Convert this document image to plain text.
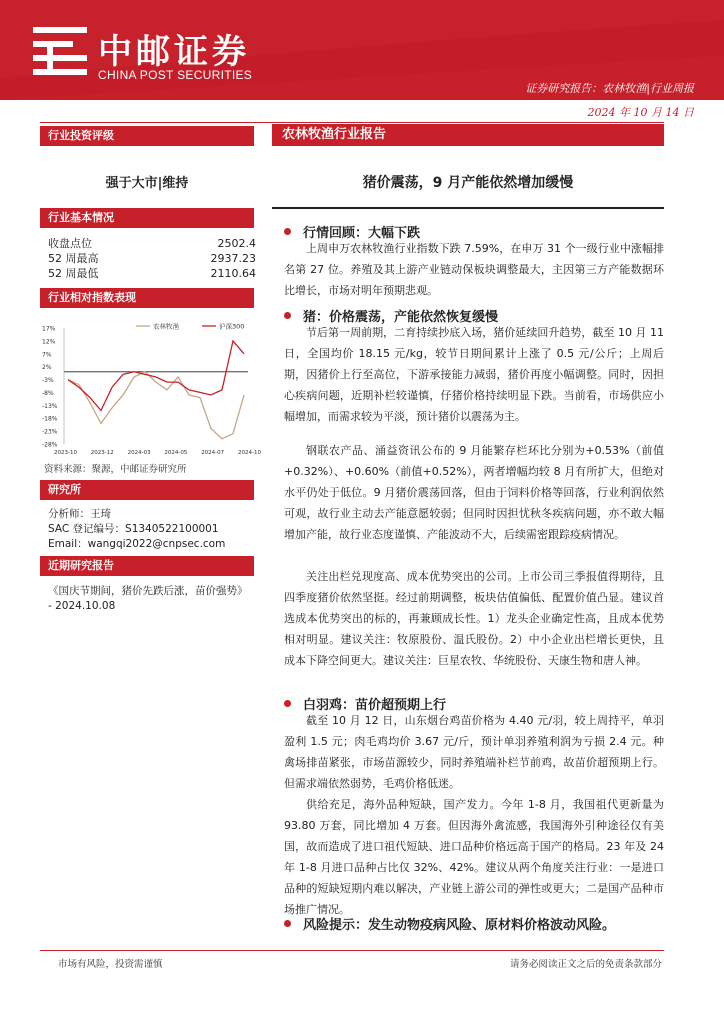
中邮证券
CHINA POST SECURITIES
证券研究报告：农林牧渔|行业周报
2024 年 10 月 14 日
行业投资评级
强于大市|维持
行业基本情况
收盘点位	2502.4
52 周最高	2937.23
52 周最低	2110.64
行业相对指数表现
17%
12%
7%
2%
-3%
-8%
-13%
-18%
-23%
-28%
2023-10	2023-12	2024-03	2024-05	2024-07	2024-10
农林牧渔	沪深300
资料来源：聚源，中邮证券研究所
研究所
分析师：王琦
SAC 登记编号：S1340522100001
Email：wangqi2022@cnpsec.com
近期研究报告
《国庆节期间，猪价先跌后涨，苗价强势》 - 2024.10.08
农林牧渔行业报告
猪价震荡，9 月产能依然增加缓慢
行情回顾：大幅下跌
上周申万农林牧渔行业指数下跌 7.59%，在申万 31 个一级行业中涨幅排名第 27 位。养殖及其上游产业链动保板块调整最大，主因第三方产能数据环比增长，市场对明年预期悲观。
猪：价格震荡，产能依然恢复缓慢
节后第一周前期，二育持续抄底入场，猪价延续回升趋势，截至 10 月 11 日，全国均价 18.15 元/kg，较节日期间累计上涨了 0.5 元/公斤；上周后期，因猪价上行至高位，下游承接能力减弱，猪价再度小幅调整。同时，因担心疾病问题，近期补栏较谨慎，仔猪价格持续明显下跌。当前看，市场供应小幅增加，而需求较为平淡，预计猪价以震荡为主。
钢联农产品、涌益资讯公布的 9 月能繁存栏环比分别为+0.53%（前值+0.32%）、+0.60%（前值+0.52%），两者增幅均较 8 月有所扩大，但绝对水平仍处于低位。9 月猪价震荡回落，但由于饲料价格等回落，行业利润依然可观，故行业主动去产能意愿较弱；但同时因担忧秋冬疾病问题，亦不敢大幅增加产能，故行业态度谨慎、产能波动不大，后续需密跟踪疫病情况。
关注出栏兑现度高、成本优势突出的公司。上市公司三季报值得期待，且四季度猪价依然坚挺。经过前期调整，板块估值偏低、配置价值凸显。建议首选成本优势突出的标的，再兼顾成长性。1）龙头企业确定性高，且成本优势相对明显。建议关注：牧原股份、温氏股份。2）中小企业出栏增长更快，且成本下降空间更大。建议关注：巨星农牧、华统股份、天康生物和唐人神。
白羽鸡：苗价超预期上行
截至 10 月 12 日，山东烟台鸡苗价格为 4.40 元/羽，较上周持平，单羽盈利 1.5 元；肉毛鸡均价 3.67 元/斤，预计单羽养殖利润为亏损 2.4 元。种禽场排苗紧张，市场苗源较少，同时养殖端补栏节前鸡，故苗价超预期上行。但需求端依然弱势，毛鸡价格低迷。
供给充足，海外品种短缺，国产发力。今年 1-8 月，我国祖代更新量为 93.80 万套，同比增加 4 万套。但因海外禽流感，我国海外引种途径仅有美国，故而造成了进口祖代短缺、进口品种价格远高于国产的格局。23 年及 24 年 1-8 月进口品种占比仅 32%、42%。建议从两个角度关注行业：一是进口品种的短缺短期内难以解决，产业链上游公司的弹性或更大；二是国产品种市场推广情况。
风险提示：发生动物疫病风险、原材料价格波动风险。
市场有风险，投资需谨慎	请务必阅读正文之后的免责条款部分
